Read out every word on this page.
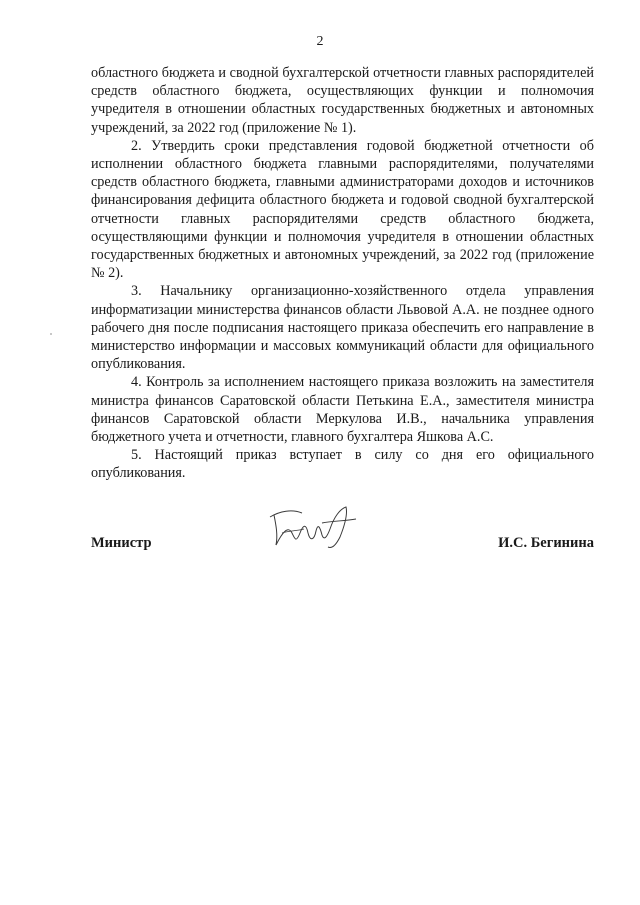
2

областного бюджета и сводной бухгалтерской отчетности главных распорядителей средств областного бюджета, осуществляющих функции и полномочия учредителя в отношении областных государственных бюджетных и автономных учреждений, за 2022 год (приложение № 1).

2. Утвердить сроки представления годовой бюджетной отчетности об исполнении областного бюджета главными распорядителями, получателями средств областного бюджета, главными администраторами доходов и источников финансирования дефицита областного бюджета и годовой сводной бухгалтерской отчетности главных распорядителями средств областного бюджета, осуществляющими функции и полномочия учредителя в отношении областных государственных бюджетных и автономных учреждений, за 2022 год (приложение № 2).

3. Начальнику организационно-хозяйственного отдела управления информатизации министерства финансов области Львовой А.А. не позднее одного рабочего дня после подписания настоящего приказа обеспечить его направление в министерство информации и массовых коммуникаций области для официального опубликования.

4. Контроль за исполнением настоящего приказа возложить на заместителя министра финансов Саратовской области Петькина Е.А., заместителя министра финансов Саратовской области Меркулова И.В., начальника управления бюджетного учета и отчетности, главного бухгалтера Яшкова А.С.

5. Настоящий приказ вступает в силу со дня его официального опубликования.

Министр	И.С. Бегинина
